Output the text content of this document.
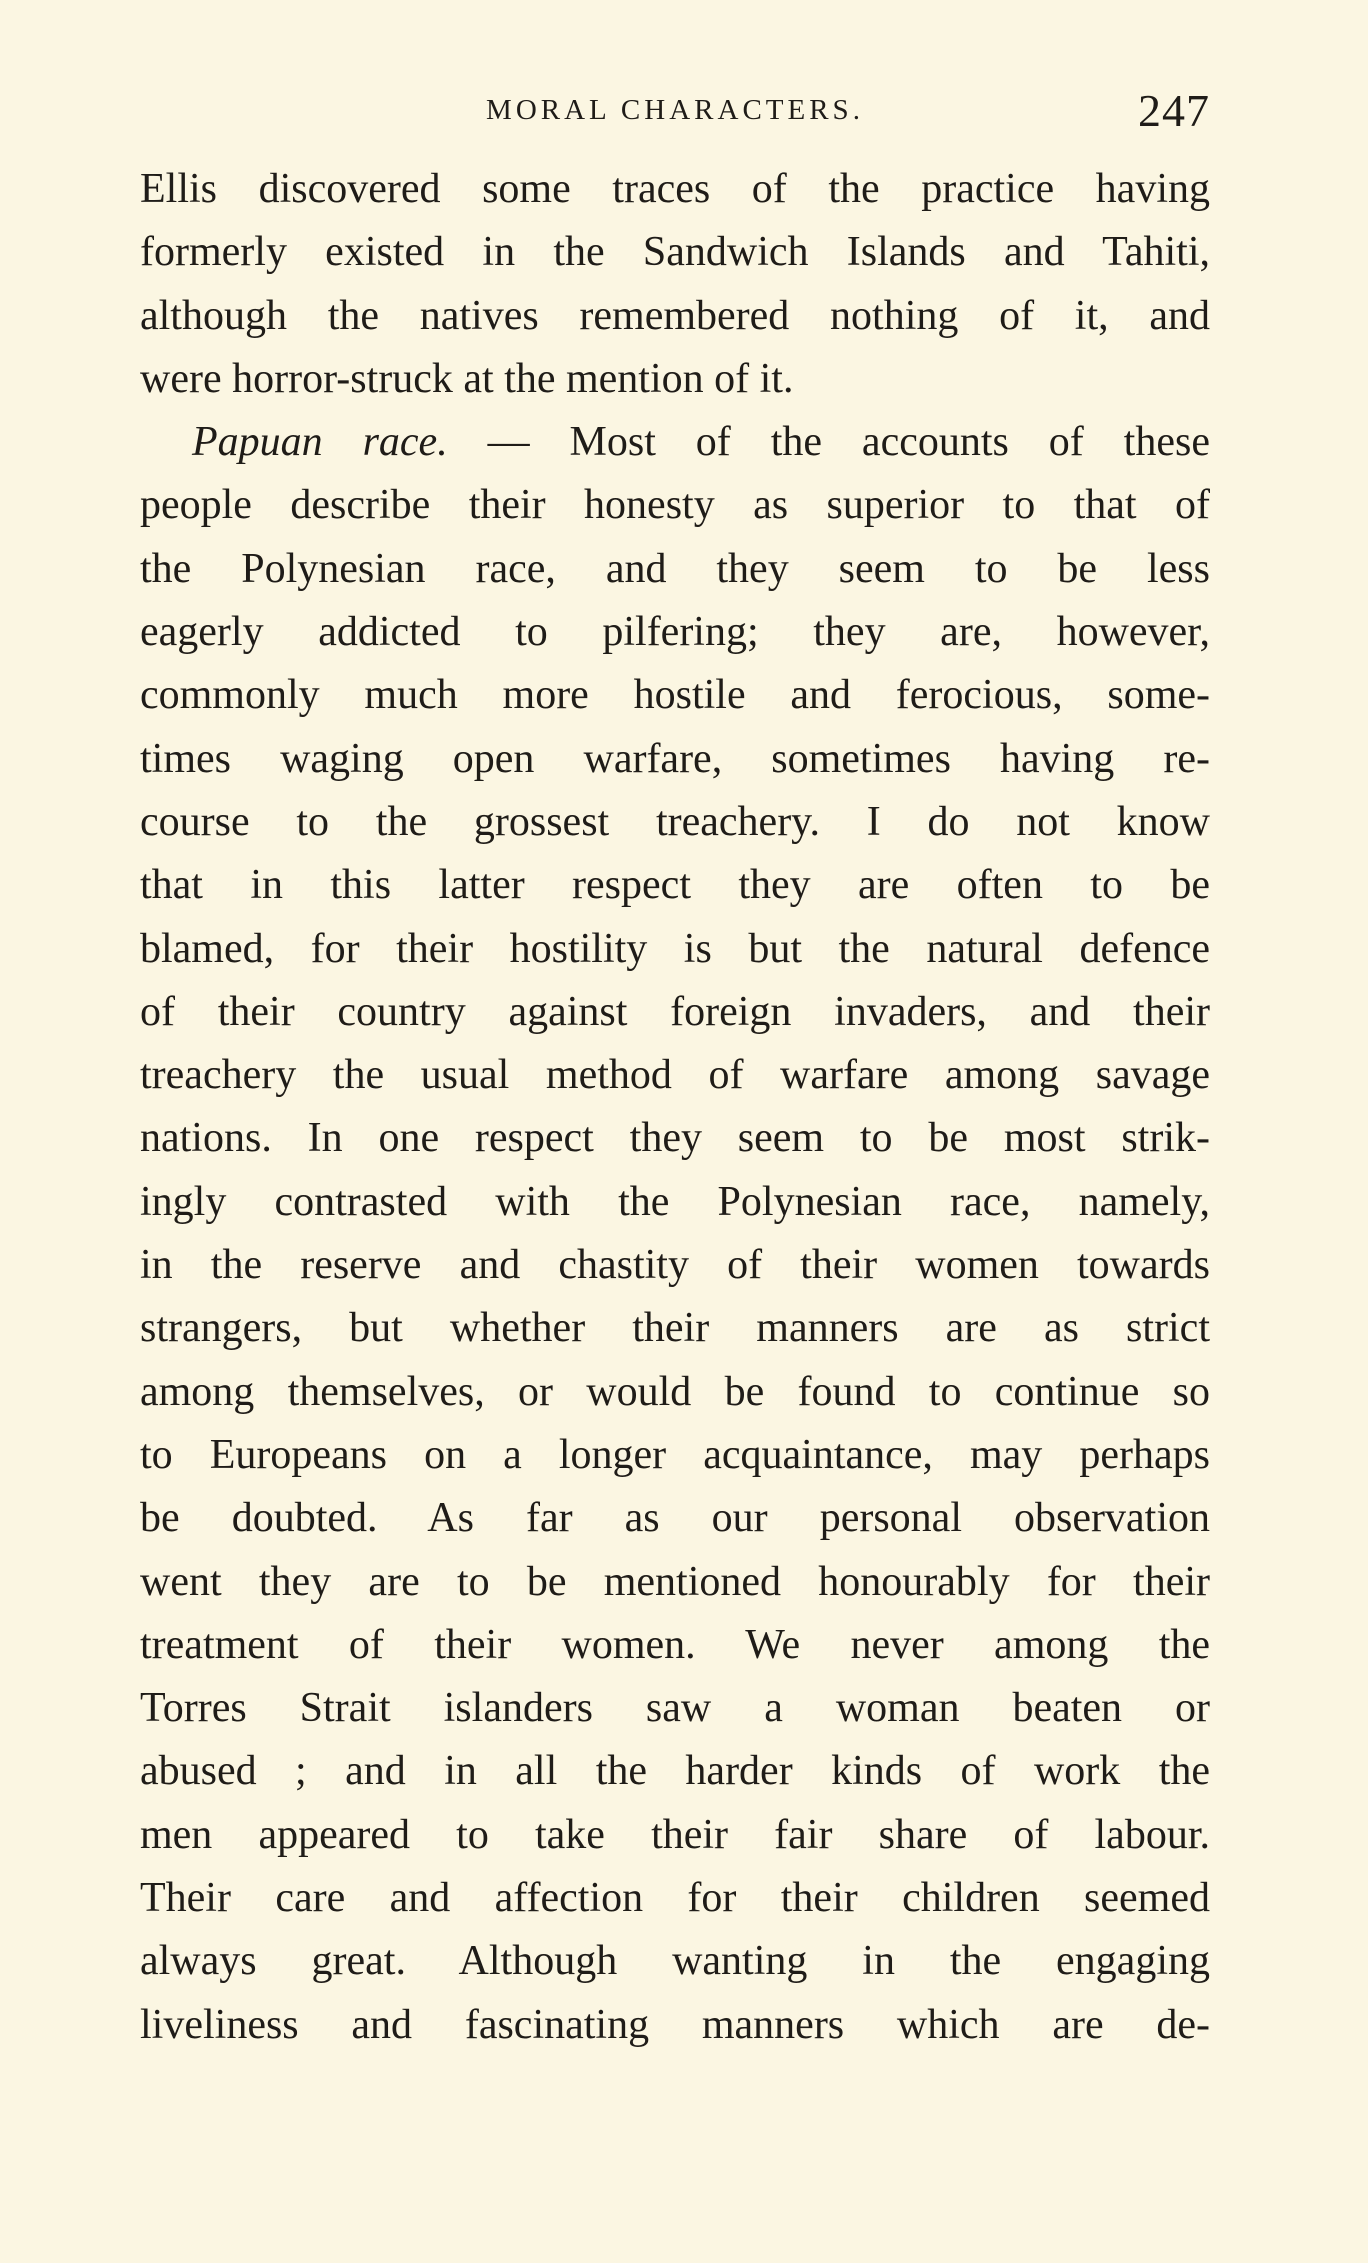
MORAL CHARACTERS.	247
Ellis discovered some traces of the practice having
formerly existed in the Sandwich Islands and Tahiti,
although the natives remembered nothing of it, and
were horror-struck at the mention of it.
Papuan race. — Most of the accounts of these
people describe their honesty as superior to that of
the Polynesian race, and they seem to be less
eagerly addicted to pilfering; they are, however,
commonly much more hostile and ferocious, some-
times waging open warfare, sometimes having re-
course to the grossest treachery. I do not know
that in this latter respect they are often to be
blamed, for their hostility is but the natural defence
of their country against foreign invaders, and their
treachery the usual method of warfare among savage
nations. In one respect they seem to be most strik-
ingly contrasted with the Polynesian race, namely,
in the reserve and chastity of their women towards
strangers, but whether their manners are as strict
among themselves, or would be found to continue so
to Europeans on a longer acquaintance, may perhaps
be doubted. As far as our personal observation
went they are to be mentioned honourably for their
treatment of their women. We never among the
Torres Strait islanders saw a woman beaten or
abused ; and in all the harder kinds of work the
men appeared to take their fair share of labour.
Their care and affection for their children seemed
always great. Although wanting in the engaging
liveliness and fascinating manners which are de-
